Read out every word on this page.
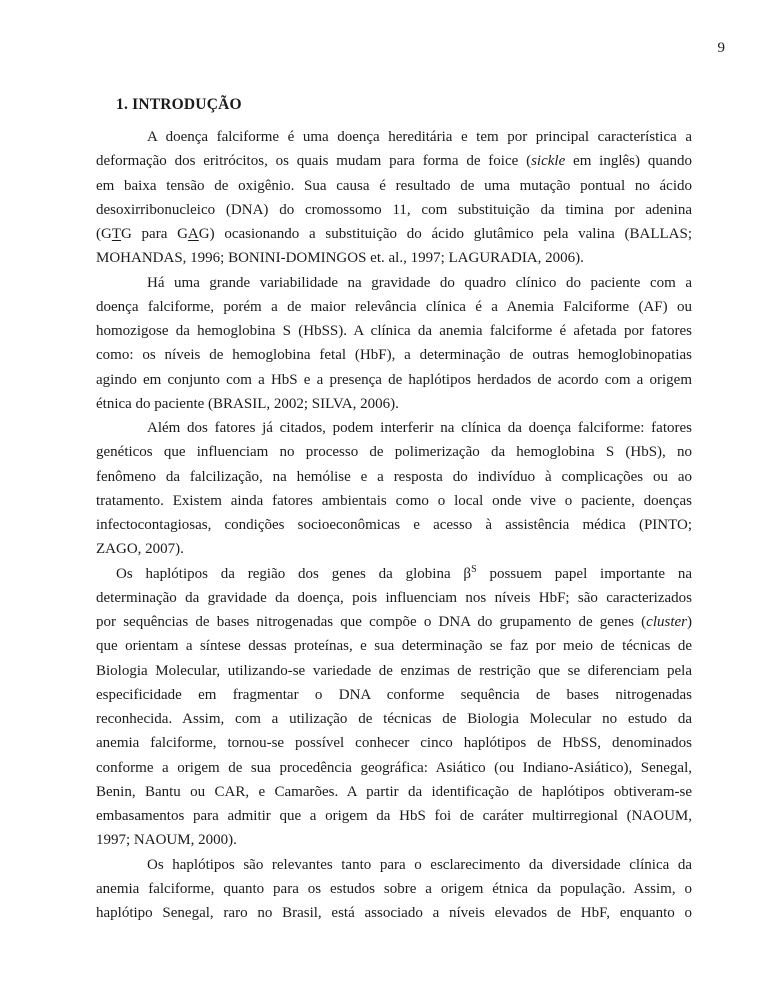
9
1. INTRODUÇÃO
A doença falciforme é uma doença hereditária e tem por principal característica a
deformação dos eritrócitos, os quais mudam para forma de foice (sickle em inglês) quando
em baixa tensão de oxigênio. Sua causa é resultado de uma mutação pontual no ácido
desoxirribonucleico (DNA) do cromossomo 11, com substituição da timina por adenina
(GTG para GAG) ocasionando a substituição do ácido glutâmico pela valina (BALLAS;
MOHANDAS, 1996; BONINI-DOMINGOS et. al., 1997; LAGURADIA, 2006).
Há uma grande variabilidade na gravidade do quadro clínico do paciente com a
doença falciforme, porém a de maior relevância clínica é a Anemia Falciforme (AF) ou
homozigose da hemoglobina S (HbSS). A clínica da anemia falciforme é afetada por fatores
como: os níveis de hemoglobina fetal (HbF), a determinação de outras hemoglobinopatias
agindo em conjunto com a HbS e a presença de haplótipos herdados de acordo com a origem
étnica do paciente (BRASIL, 2002; SILVA, 2006).
Além dos fatores já citados, podem interferir na clínica da doença falciforme: fatores
genéticos que influenciam no processo de polimerização da hemoglobina S (HbS), no
fenômeno da falcilização, na hemólise e a resposta do indivíduo à complicações ou ao
tratamento. Existem ainda fatores ambientais como o local onde vive o paciente, doenças
infectocontagiosas, condições socioeconômicas e acesso à assistência médica (PINTO;
ZAGO, 2007).
Os haplótipos da região dos genes da globina $\beta^S$ possuem papel importante na
determinação da gravidade da doença, pois influenciam nos níveis HbF; são caracterizados
por sequências de bases nitrogenadas que compõe o DNA do grupamento de genes (cluster)
que orientam a síntese dessas proteínas, e sua determinação se faz por meio de técnicas de
Biologia Molecular, utilizando-se variedade de enzimas de restrição que se diferenciam pela
especificidade em fragmentar o DNA conforme sequência de bases nitrogenadas
reconhecida. Assim, com a utilização de técnicas de Biologia Molecular no estudo da
anemia falciforme, tornou-se possível conhecer cinco haplótipos de HbSS, denominados
conforme a origem de sua procedência geográfica: Asiático (ou Indiano-Asiático), Senegal,
Benin, Bantu ou CAR, e Camarões. A partir da identificação de haplótipos obtiveram-se
embasamentos para admitir que a origem da HbS foi de caráter multirregional (NAOUM,
1997; NAOUM, 2000).
Os haplótipos são relevantes tanto para o esclarecimento da diversidade clínica da
anemia falciforme, quanto para os estudos sobre a origem étnica da população. Assim, o
haplótipo Senegal, raro no Brasil, está associado a níveis elevados de HbF, enquanto o
